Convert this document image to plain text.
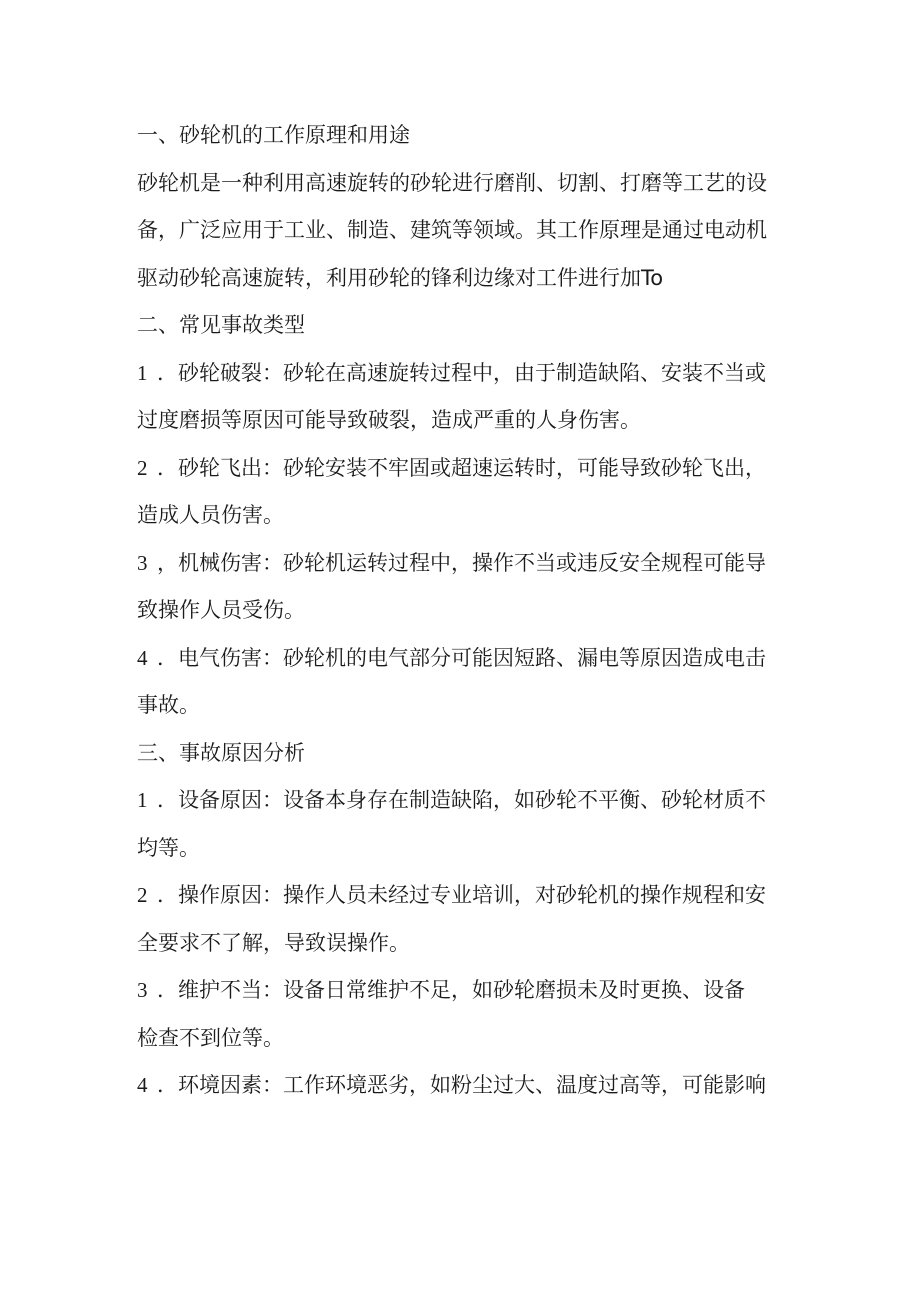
一、砂轮机的工作原理和用途
砂轮机是一种利用高速旋转的砂轮进行磨削、切割、打磨等工艺的设
备，广泛应用于工业、制造、建筑等领域。其工作原理是通过电动机
驱动砂轮高速旋转，利用砂轮的锋利边缘对工件进行加To
二、常见事故类型
1 ．砂轮破裂：砂轮在高速旋转过程中，由于制造缺陷、安装不当或
过度磨损等原因可能导致破裂，造成严重的人身伤害。
2 ．砂轮飞出：砂轮安装不牢固或超速运转时，可能导致砂轮飞出，
造成人员伤害。
3 ，机械伤害：砂轮机运转过程中，操作不当或违反安全规程可能导
致操作人员受伤。
4 ．电气伤害：砂轮机的电气部分可能因短路、漏电等原因造成电击
事故。
三、事故原因分析
1 ．设备原因：设备本身存在制造缺陷，如砂轮不平衡、砂轮材质不
均等。
2 ．操作原因：操作人员未经过专业培训，对砂轮机的操作规程和安
全要求不了解，导致误操作。
3 ．维护不当：设备日常维护不足，如砂轮磨损未及时更换、设备
检查不到位等。
4 ．环境因素：工作环境恶劣，如粉尘过大、温度过高等，可能影响
